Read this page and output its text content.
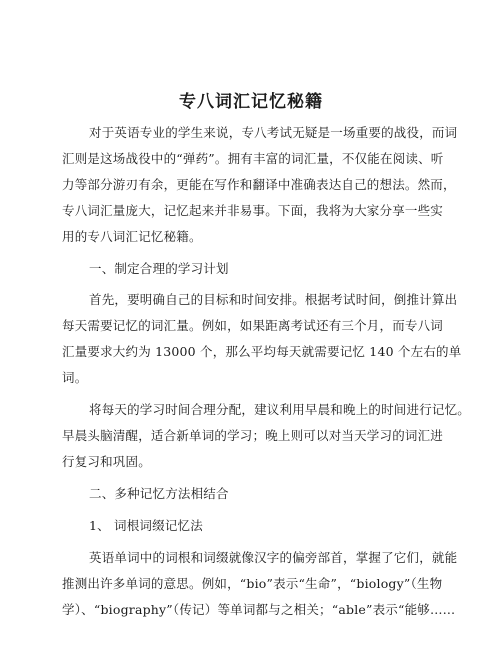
专八词汇记忆秘籍
对于英语专业的学生来说，专八考试无疑是一场重要的战役，而词
汇则是这场战役中的“弹药”。拥有丰富的词汇量，不仅能在阅读、听
力等部分游刃有余，更能在写作和翻译中准确表达自己的想法。然而，
专八词汇量庞大，记忆起来并非易事。下面，我将为大家分享一些实
用的专八词汇记忆秘籍。
一、制定合理的学习计划
首先，要明确自己的目标和时间安排。根据考试时间，倒推计算出
每天需要记忆的词汇量。例如，如果距离考试还有三个月，而专八词
汇量要求大约为 13000 个，那么平均每天就需要记忆 140 个左右的单
词。
将每天的学习时间合理分配，建议利用早晨和晚上的时间进行记忆。
早晨头脑清醒，适合新单词的学习；晚上则可以对当天学习的词汇进
行复习和巩固。
二、多种记忆方法相结合
1、 词根词缀记忆法
英语单词中的词根和词缀就像汉字的偏旁部首，掌握了它们，就能
推测出许多单词的意思。例如，“bio”表示“生命”，“biology”（生物
学）、“biography”（传记）等单词都与之相关；“able”表示“能够……
